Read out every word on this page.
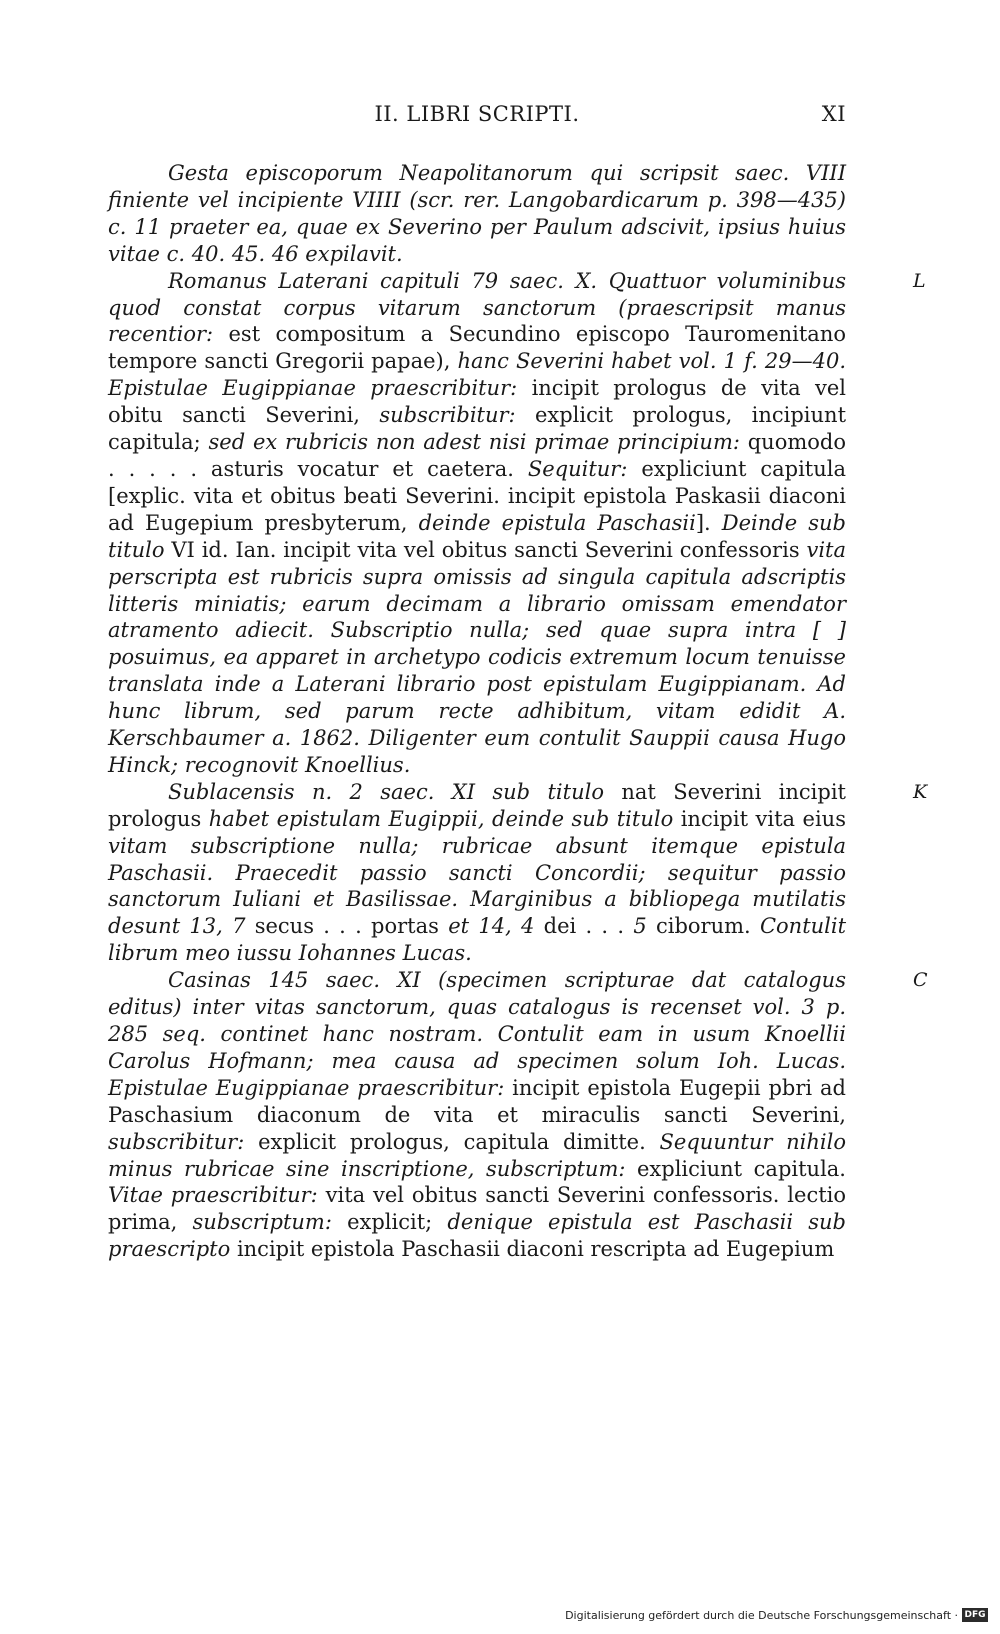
II. LIBRI SCRIPTI.	XI

Gesta episcoporum Neapolitanorum qui scripsit saec. VIII finiente vel incipiente VIIII (scr. rer. Langobardicarum p. 398—435) c. 11 praeter ea, quae ex Severino per Paulum adscivit, ipsius huius vitae c. 40. 45. 46 expilavit.

Romanus Laterani capituli 79 saec. X. Quattuor voluminibus quod constat corpus vitarum sanctorum (praescripsit manus recentior: est compositum a Secundino episcopo Tauromenitano tempore sancti Gregorii papae), hanc Severini habet vol. 1 f. 29—40. Epistulae Eugippianae praescribitur: incipit prologus de vita vel obitu sancti Severini, subscribitur: explicit prologus, incipiunt capitula; sed ex rubricis non adest nisi primae principium: quomodo . . . . . asturis vocatur et caetera. Sequitur: expliciunt capitula [explic. vita et obitus beati Severini. incipit epistola Paskasii diaconi ad Eugepium presbyterum, deinde epistula Paschasii]. Deinde sub titulo VI id. Ian. incipit vita vel obitus sancti Severini confessoris vita perscripta est rubricis supra omissis ad singula capitula adscriptis litteris miniatis; earum decimam a librario omissam emendator atramento adiecit. Subscriptio nulla; sed quae supra intra [ ] posuimus, ea apparet in archetypo codicis extremum locum tenuisse translata inde a Laterani librario post epistulam Eugippianam. Ad hunc librum, sed parum recte adhibitum, vitam edidit A. Kerschbaumer a. 1862. Diligenter eum contulit Sauppii causa Hugo Hinck; recognovit Knoellius.
L

Sublacensis n. 2 saec. XI sub titulo nat Severini incipit prologus habet epistulam Eugippii, deinde sub titulo incipit vita eius vitam subscriptione nulla; rubricae absunt itemque epistula Paschasii. Praecedit passio sancti Concordii; sequitur passio sanctorum Iuliani et Basilissae. Marginibus a bibliopega mutilatis desunt 13, 7 secus . . . portas et 14, 4 dei . . . 5 ciborum. Contulit librum meo iussu Iohannes Lucas.
K

Casinas 145 saec. XI (specimen scripturae dat catalogus editus) inter vitas sanctorum, quas catalogus is recenset vol. 3 p. 285 seq. continet hanc nostram. Contulit eam in usum Knoellii Carolus Hofmann; mea causa ad specimen solum Ioh. Lucas. Epistulae Eugippianae praescribitur: incipit epistola Eugepii pbri ad Paschasium diaconum de vita et miraculis sancti Severini, subscribitur: explicit prologus, capitula dimitte. Sequuntur nihilo minus rubricae sine inscriptione, subscriptum: expliciunt capitula. Vitae praescribitur: vita vel obitus sancti Severini confessoris. lectio prima, subscriptum: explicit; denique epistula est Paschasii sub praescripto incipit epistola Paschasii diaconi rescripta ad Eugepium
C

Digitalisierung gefördert durch die Deutsche Forschungsgemeinschaft · DFG
